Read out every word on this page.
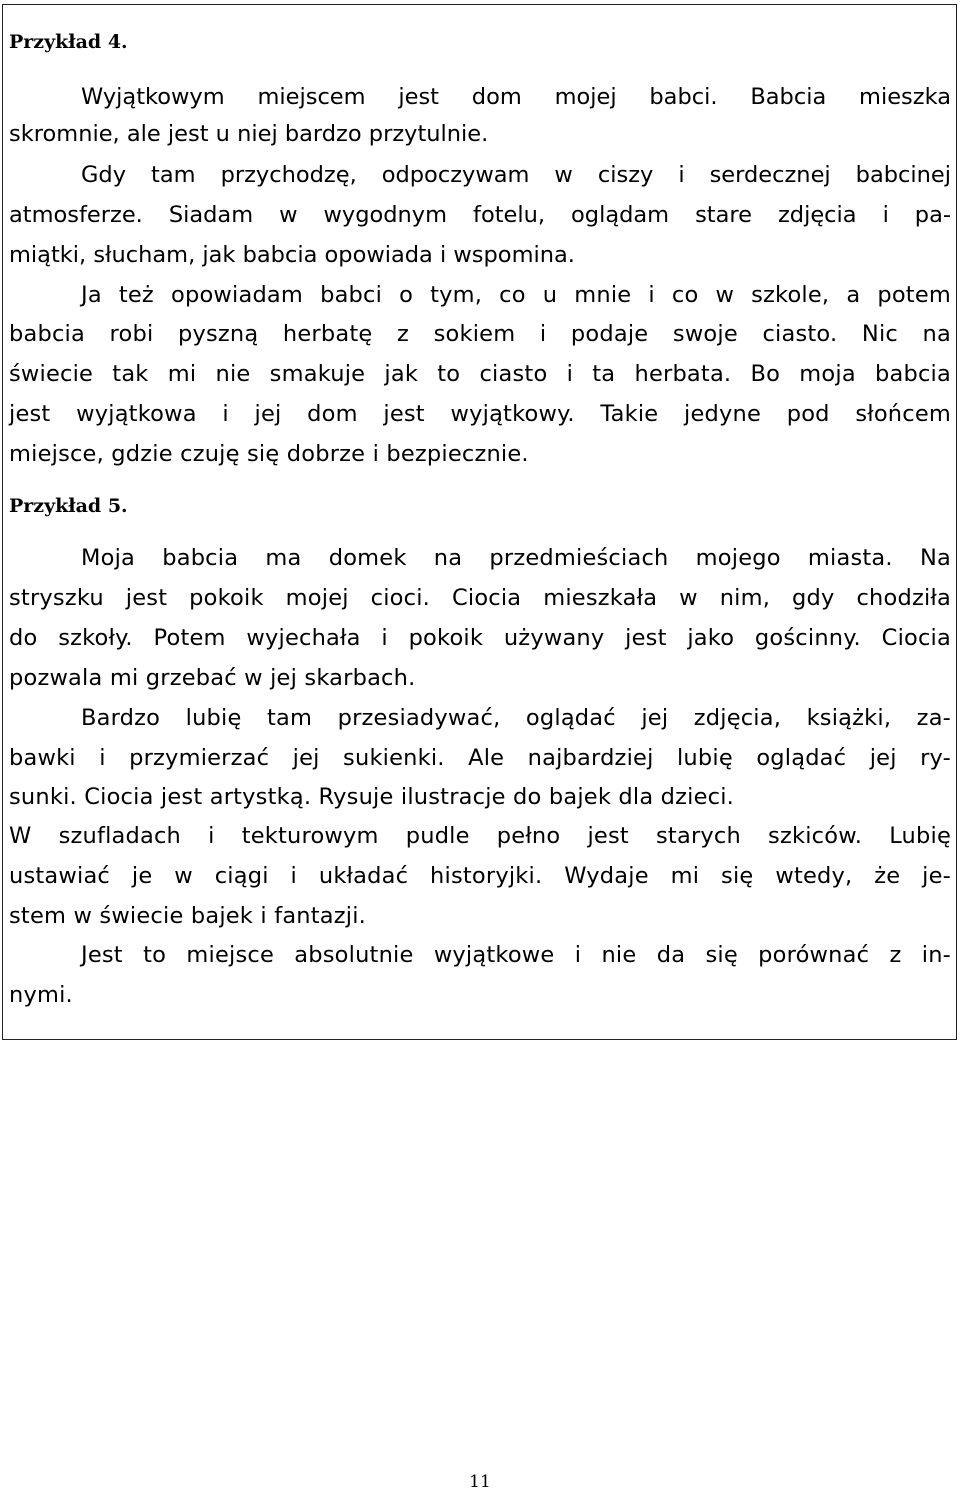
Przykład 4.

Wyjątkowym miejscem jest dom mojej babci. Babcia mieszka

skromnie, ale jest u niej bardzo przytulnie.

Gdy tam przychodzę, odpoczywam w ciszy i serdecznej babcinej

atmosferze. Siadam w wygodnym fotelu, oglądam stare zdjęcia i pa-

miątki, słucham, jak babcia opowiada i wspomina.

Ja też opowiadam babci o tym, co u mnie i co w szkole, a potem

babcia robi pyszną herbatę z sokiem i podaje swoje ciasto. Nic na

świecie tak mi nie smakuje jak to ciasto i ta herbata. Bo moja babcia

jest wyjątkowa i jej dom jest wyjątkowy. Takie jedyne pod słońcem

miejsce, gdzie czuję się dobrze i bezpiecznie.

Przykład 5.

Moja babcia ma domek na przedmieściach mojego miasta. Na

stryszku jest pokoik mojej cioci. Ciocia mieszkała w nim, gdy chodziła

do szkoły. Potem wyjechała i pokoik używany jest jako gościnny. Ciocia

pozwala mi grzebać w jej skarbach.

Bardzo lubię tam przesiadywać, oglądać jej zdjęcia, książki, za-

bawki i przymierzać jej sukienki. Ale najbardziej lubię oglądać jej ry-

sunki. Ciocia jest artystką. Rysuje ilustracje do bajek dla dzieci.

W szufladach i tekturowym pudle pełno jest starych szkiców. Lubię

ustawiać je w ciągi i układać historyjki. Wydaje mi się wtedy, że je-

stem w świecie bajek i fantazji.

Jest to miejsce absolutnie wyjątkowe i nie da się porównać z in-

nymi.

11
